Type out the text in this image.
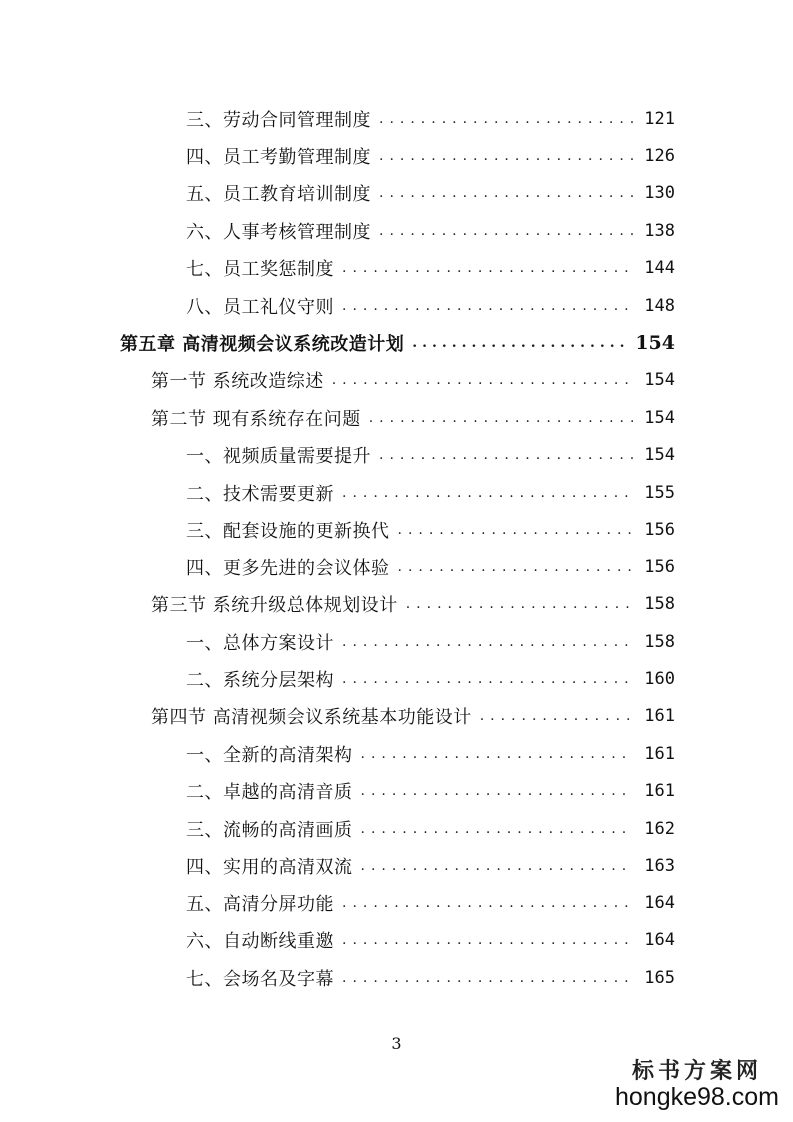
三、劳动合同管理制度 .....	121
四、员工考勤管理制度 .....	126
五、员工教育培训制度 .....	130
六、人事考核管理制度 .....	138
七、员工奖惩制度 .....	144
八、员工礼仪守则 .....	148
第五章 高清视频会议系统改造计划 .....	154
第一节 系统改造综述 .....	154
第二节 现有系统存在问题 .....	154
一、视频质量需要提升 .....	154
二、技术需要更新 .....	155
三、配套设施的更新换代 .....	156
四、更多先进的会议体验 .....	156
第三节 系统升级总体规划设计 .....	158
一、总体方案设计 .....	158
二、系统分层架构 .....	160
第四节 高清视频会议系统基本功能设计 .....	161
一、全新的高清架构 .....	161
二、卓越的高清音质 .....	161
三、流畅的高清画质 .....	162
四、实用的高清双流 .....	163
五、高清分屏功能 .....	164
六、自动断线重邀 .....	164
七、会场名及字幕 .....	165
3
标书方案网
hongke98.com
